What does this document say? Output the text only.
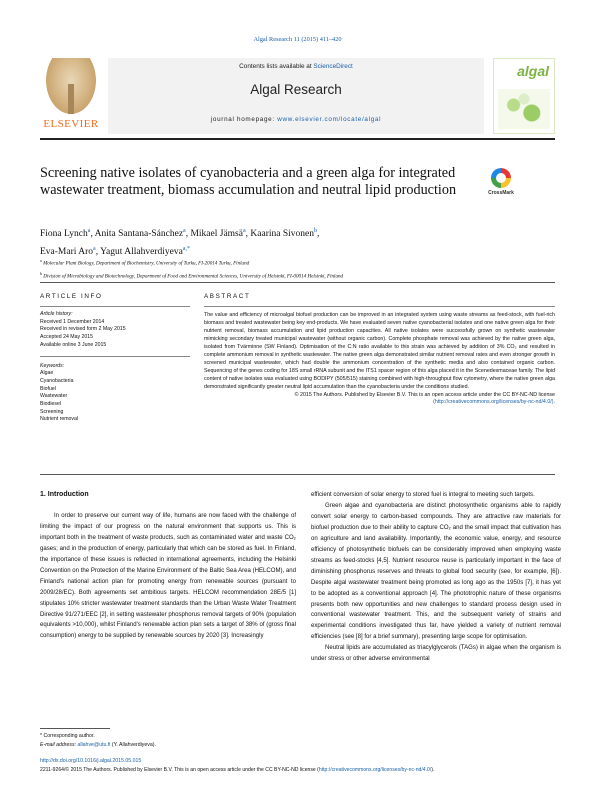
Algal Research 11 (2015) 411–420
ELSEVIER
Contents lists available at ScienceDirect
Algal Research
journal homepage: www.elsevier.com/locate/algal
algal
Screening native isolates of cyanobacteria and a green alga for integrated wastewater treatment, biomass accumulation and neutral lipid production	CrossMark
Fiona Lynch$^a$, Anita Santana-Sánchez$^a$, Mikael Jämsä$^a$, Kaarina Sivonen$^b$,
Eva-Mari Aro$^a$, Yagut Allahverdiyeva$^{a,*}$
$^a$ Molecular Plant Biology, Department of Biochemistry, University of Turku, FI-20014 Turku, Finland
$^b$ Division of Microbiology and Biotechnology, Department of Food and Environmental Sciences, University of Helsinki, FI-00014 Helsinki, Finland
ARTICLE INFO
Article history:
Received 1 December 2014
Received in revised form 2 May 2015
Accepted 24 May 2015
Available online 3 June 2015
Keywords:
Algae
Cyanobacteria
Biofuel
Wastewater
Biodiesel
Screening
Nutrient removal
ABSTRACT

The value and efficiency of microalgal biofuel production can be improved in an integrated system using waste streams as feed-stock, with fuel-rich biomass and treated wastewater being key end-products. We have evaluated seven native cyanobacterial isolates and one native green alga for their nutrient removal, biomass accumulation and lipid production capacities. All native isolates were successfully grown on synthetic wastewater mimicking secondary treated municipal wastewater (without organic carbon). Complete phosphate removal was achieved by the native green alga, isolated from Tvärminne (SW Finland). Optimisation of the C:N ratio available to this strain was achieved by addition of 3% CO₂ and resulted in complete ammonium removal in synthetic wastewater. The native green alga demonstrated similar nutrient removal rates and even stronger growth in screened municipal wastewater, which had double the ammonium concentration of the synthetic media and also contained organic carbon. Sequencing of the genes coding for 18S small rRNA subunit and the ITS1 spacer region of this alga placed it in the Scenedesmaceae family. The lipid content of native isolates was evaluated using BODIPY (505/515) staining combined with high-throughput flow cytometry, where the native green alga demonstrated significantly greater neutral lipid accumulation than the cyanobacteria under the conditions studied.

© 2015 The Authors. Published by Elsevier B.V. This is an open access article under the CC BY-NC-ND license
(http://creativecommons.org/licenses/by-nc-nd/4.0/).
1. Introduction

In order to preserve our current way of life, humans are now faced with the challenge of limiting the impact of our progress on the natural environment that supports us. This is important both in the treatment of waste products, such as contaminated water and waste CO₂ gases; and in the production of energy, particularly that which can be stored as fuel. In Finland, the importance of these issues is reflected in international agreements, including the Helsinki Convention on the Protection of the Marine Environment of the Baltic Sea Area (HELCOM), and Finland's national action plan for promoting energy from renewable sources (pursuant to 2009/28/EC). Both agreements set ambitious targets. HELCOM recommendation 28E/5 [1] stipulates 10% stricter wastewater treatment standards than the Urban Waste Water Treatment Directive 91/271/EEC [2], in setting wastewater phosphorus removal targets of 90% (population equivalents >10,000), whilst Finland's renewable action plan sets a target of 38% of (gross final consumption) energy to be supplied by renewable sources by 2020 [3]. Increasingly

efficient conversion of solar energy to stored fuel is integral to meeting such targets.

Green algae and cyanobacteria are distinct photosynthetic organisms able to rapidly convert solar energy to carbon-based compounds. They are attractive raw materials for biofuel production due to their ability to capture CO₂ and the small impact that cultivation has on agriculture and land availability. Importantly, the economic value, energy, and resource efficiency of photosynthetic biofuels can be considerably improved when employing waste streams as feed-stocks [4,5]. Nutrient resource reuse is particularly important in the face of diminishing phosphorus reserves and threats to global food security (see, for example, [6]). Despite algal wastewater treatment being promoted as long ago as the 1950s [7], it has yet to be adopted as a conventional approach [4]. The phototrophic nature of these organisms presents both new opportunities and new challenges to standard process design used in conventional wastewater treatment. This, and the subsequent variety of strains and experimental conditions investigated thus far, have yielded a variety of nutrient removal efficiencies (see [8] for a brief summary), presenting large scope for optimisation.

Neutral lipids are accumulated as triacylglycerols (TAGs) in algae when the organism is under stress or other adverse environmental

* Corresponding author.
E-mail address: allahve@utu.fi (Y. Allahverdiyeva).
http://dx.doi.org/10.1016/j.algal.2015.05.015
2211-9264/© 2015 The Authors. Published by Elsevier B.V. This is an open access article under the CC BY-NC-ND license (http://creativecommons.org/licenses/by-nc-nd/4.0/).
